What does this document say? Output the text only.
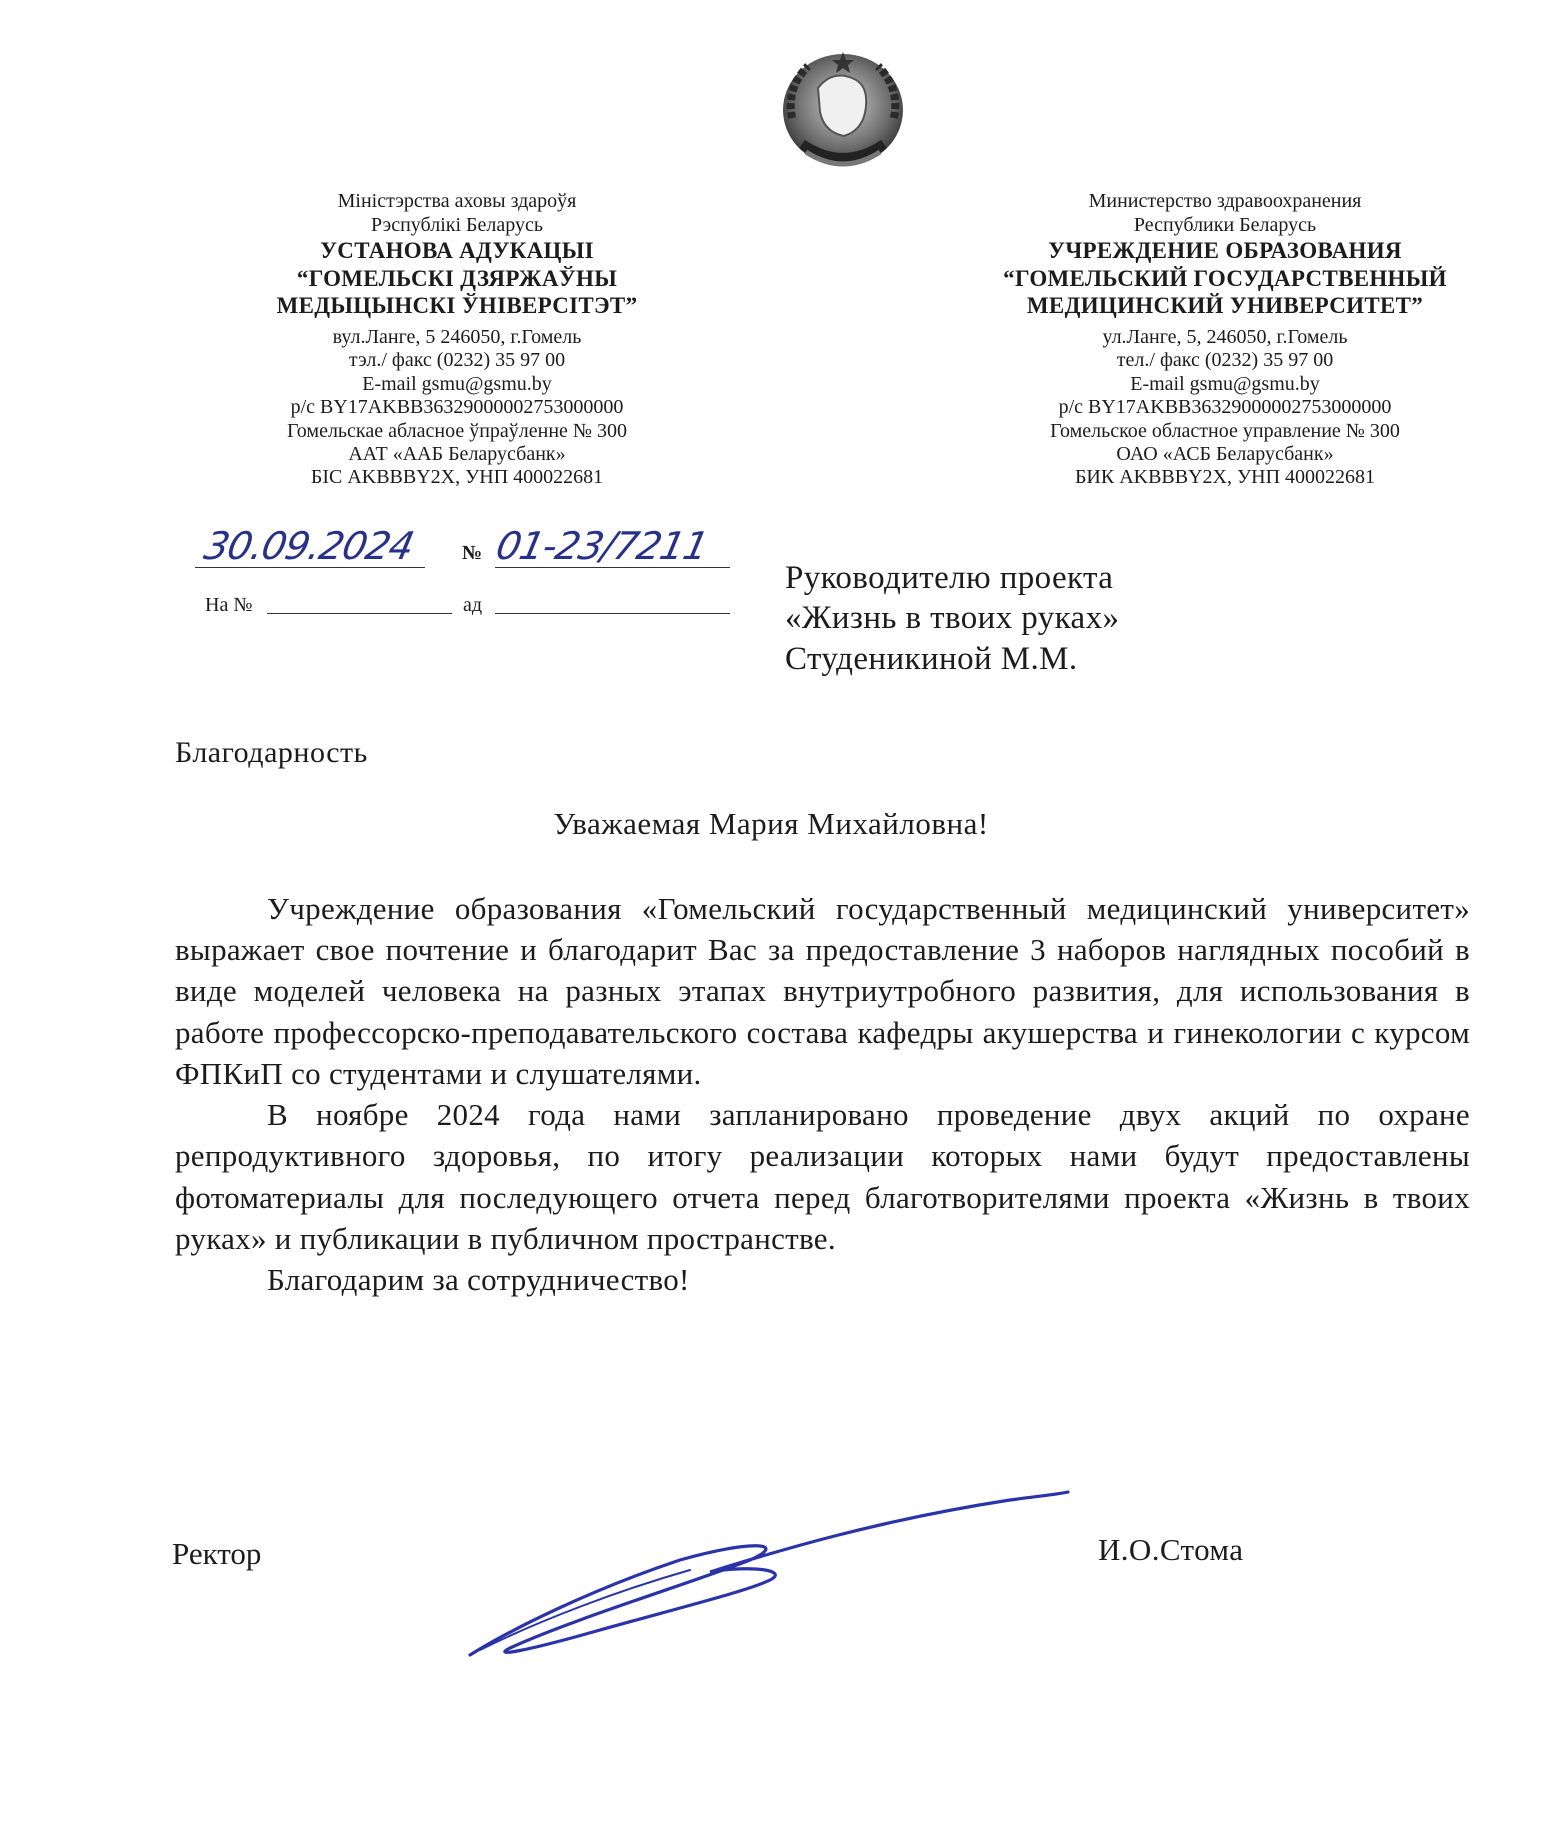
Міністэрства аховы здароўя
Рэспублікі Беларусь
УСТАНОВА АДУКАЦЫІ
“ГОМЕЛЬСКІ ДЗЯРЖАЎНЫ
МЕДЫЦЫНСКІ ЎНІВЕРСІТЭТ”
вул.Ланге, 5 246050, г.Гомель
тэл./ факс (0232) 35 97 00
E-mail gsmu@gsmu.by
р/с BY17AKBB36329000002753000000
Гомельскае абласное ўпраўленне № 300
ААТ «ААБ Беларусбанк»
БІС AKBBBY2X, УНП 400022681
Министерство здравоохранения
Республики Беларусь
УЧРЕЖДЕНИЕ ОБРАЗОВАНИЯ
“ГОМЕЛЬСКИЙ ГОСУДАРСТВЕННЫЙ
МЕДИЦИНСКИЙ УНИВЕРСИТЕТ”
ул.Ланге, 5, 246050, г.Гомель
тел./ факс (0232) 35 97 00
E-mail gsmu@gsmu.by
р/с BY17AKBB36329000002753000000
Гомельское областное управление № 300
ОАО «АСБ Беларусбанк»
БИК AKBBBY2X, УНП 400022681
30.09.2024 № 01-23/7211
На №	ад
Руководителю проекта
«Жизнь в твоих руках»
Студеникиной М.М.
Благодарность
Уважаемая Мария Михайловна!

Учреждение образования «Гомельский государственный медицинский университет» выражает свое почтение и благодарит Вас за предоставление 3 наборов наглядных пособий в виде моделей человека на разных этапах внутриутробного развития, для использования в работе профессорско-преподавательского состава кафедры акушерства и гинекологии с курсом ФПКиП со студентами и слушателями.

В ноябре 2024 года нами запланировано проведение двух акций по охране репродуктивного здоровья, по итогу реализации которых нами будут предоставлены фотоматериалы для последующего отчета перед благотворителями проекта «Жизнь в твоих руках» и публикации в публичном пространстве.

Благодарим за сотрудничество!

Ректор	И.О.Стома
